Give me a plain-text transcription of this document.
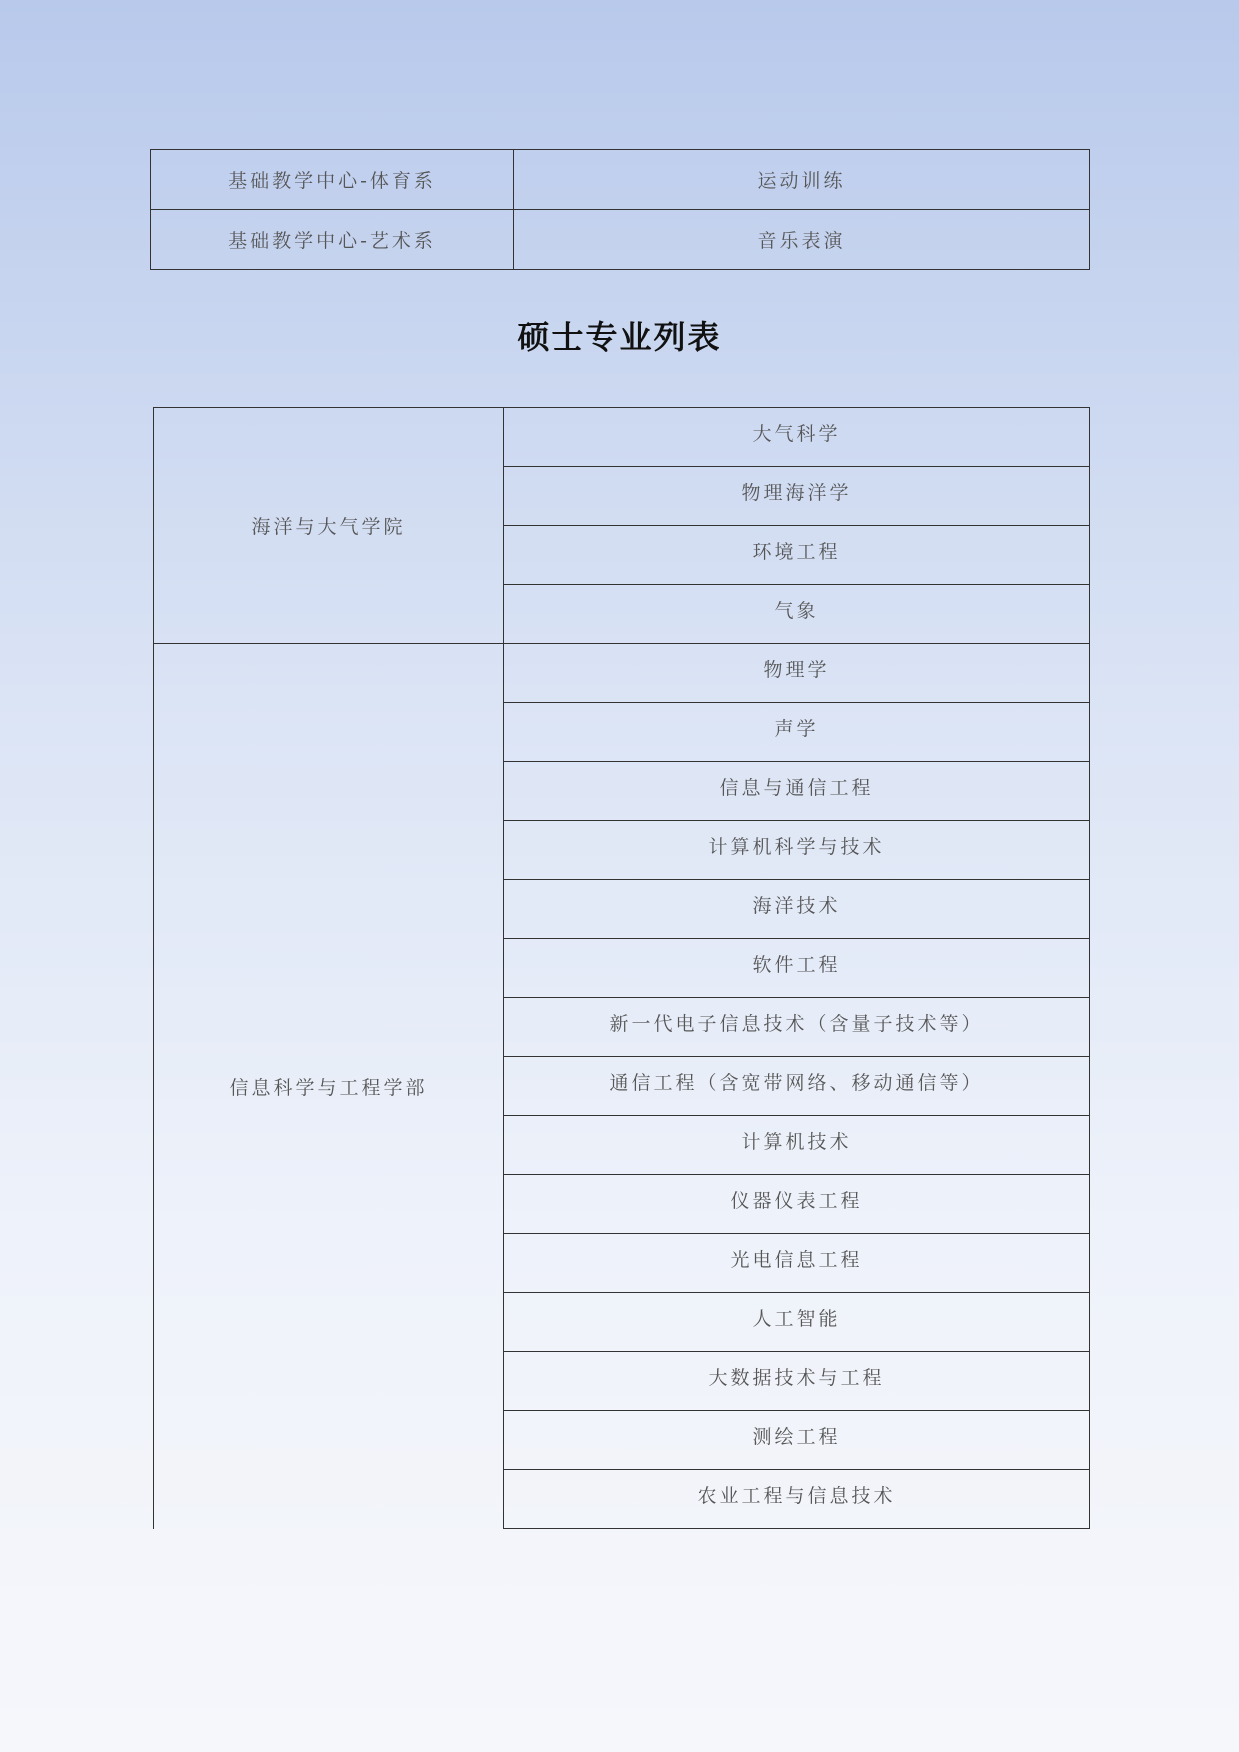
基础教学中心-体育系	运动训练
基础教学中心-艺术系	音乐表演
硕士专业列表
海洋与大气学院	大气科学
	物理海洋学
	环境工程
	气象
信息科学与工程学部	物理学
	声学
	信息与通信工程
	计算机科学与技术
	海洋技术
	软件工程
	新一代电子信息技术（含量子技术等）
	通信工程（含宽带网络、移动通信等）
	计算机技术
	仪器仪表工程
	光电信息工程
	人工智能
	大数据技术与工程
	测绘工程
	农业工程与信息技术
